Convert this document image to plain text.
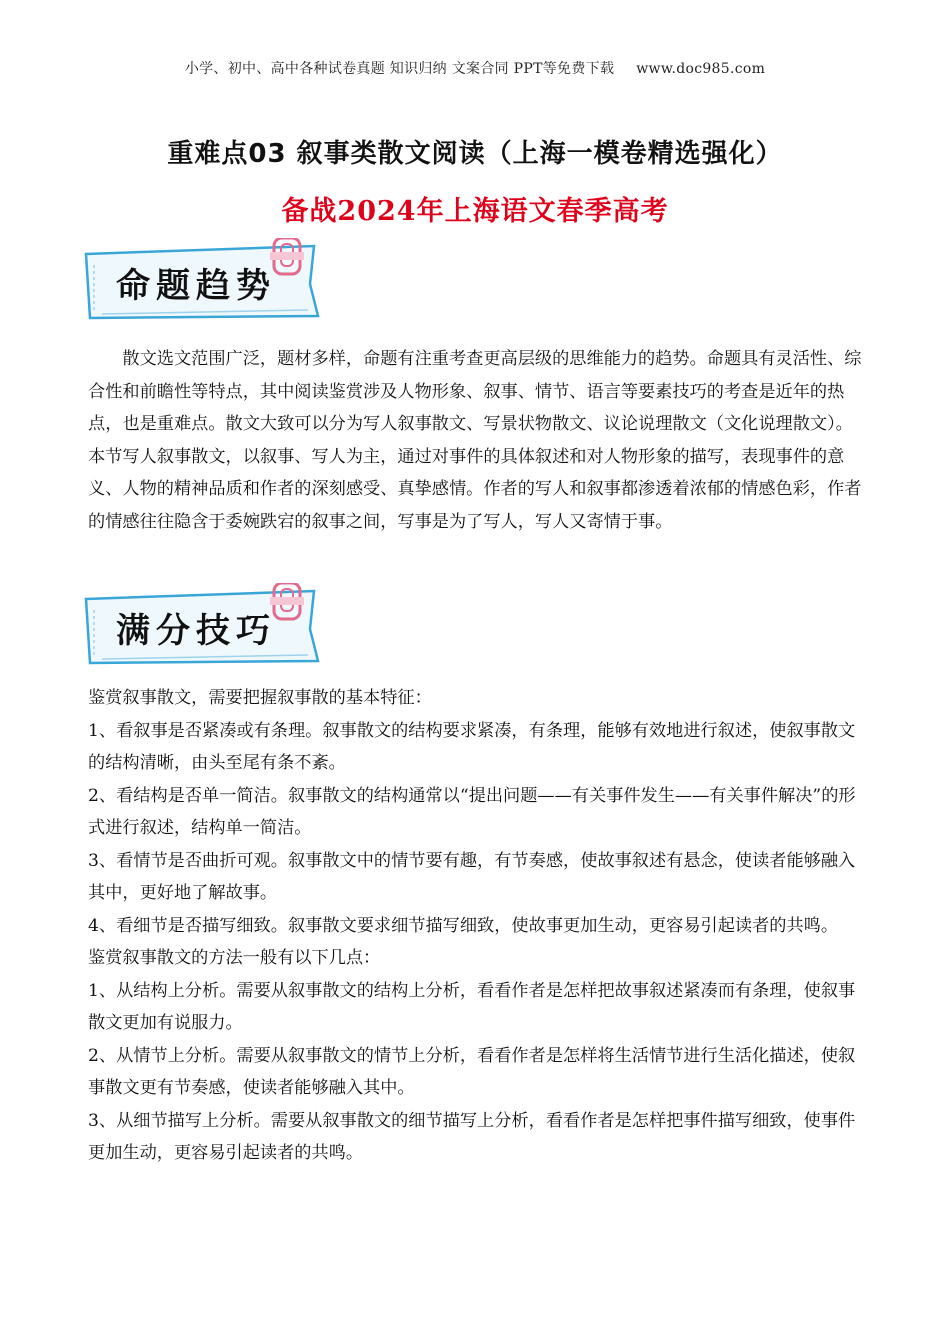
小学、初中、高中各种试卷真题 知识归纳 文案合同 PPT等免费下载 www.doc985.com
重难点03 叙事类散文阅读（上海一模卷精选强化）
备战2024年上海语文春季高考
命题趋势

散文选文范围广泛，题材多样，命题有注重考查更高层级的思维能力的趋势。命题具有灵活性、综合性和前瞻性等特点，其中阅读鉴赏涉及人物形象、叙事、情节、语言等要素技巧的考查是近年的热点，也是重难点。散文大致可以分为写人叙事散文、写景状物散文、议论说理散文（文化说理散文）。本节写人叙事散文，以叙事、写人为主，通过对事件的具体叙述和对人物形象的描写，表现事件的意义、人物的精神品质和作者的深刻感受、真挚感情。作者的写人和叙事都渗透着浓郁的情感色彩，作者的情感往往隐含于委婉跌宕的叙事之间，写事是为了写人，写人又寄情于事。

满分技巧

鉴赏叙事散文，需要把握叙事散的基本特征：

1、看叙事是否紧凑或有条理。叙事散文的结构要求紧凑，有条理，能够有效地进行叙述，使叙事散文的结构清晰，由头至尾有条不紊。

2、看结构是否单一简洁。叙事散文的结构通常以“提出问题——有关事件发生——有关事件解决”的形式进行叙述，结构单一简洁。

3、看情节是否曲折可观。叙事散文中的情节要有趣，有节奏感，使故事叙述有悬念，使读者能够融入其中，更好地了解故事。

4、看细节是否描写细致。叙事散文要求细节描写细致，使故事更加生动，更容易引起读者的共鸣。

鉴赏叙事散文的方法一般有以下几点：

1、从结构上分析。需要从叙事散文的结构上分析，看看作者是怎样把故事叙述紧凑而有条理，使叙事散文更加有说服力。

2、从情节上分析。需要从叙事散文的情节上分析，看看作者是怎样将生活情节进行生活化描述，使叙事散文更有节奏感，使读者能够融入其中。

3、从细节描写上分析。需要从叙事散文的细节描写上分析，看看作者是怎样把事件描写细致，使事件更加生动，更容易引起读者的共鸣。
